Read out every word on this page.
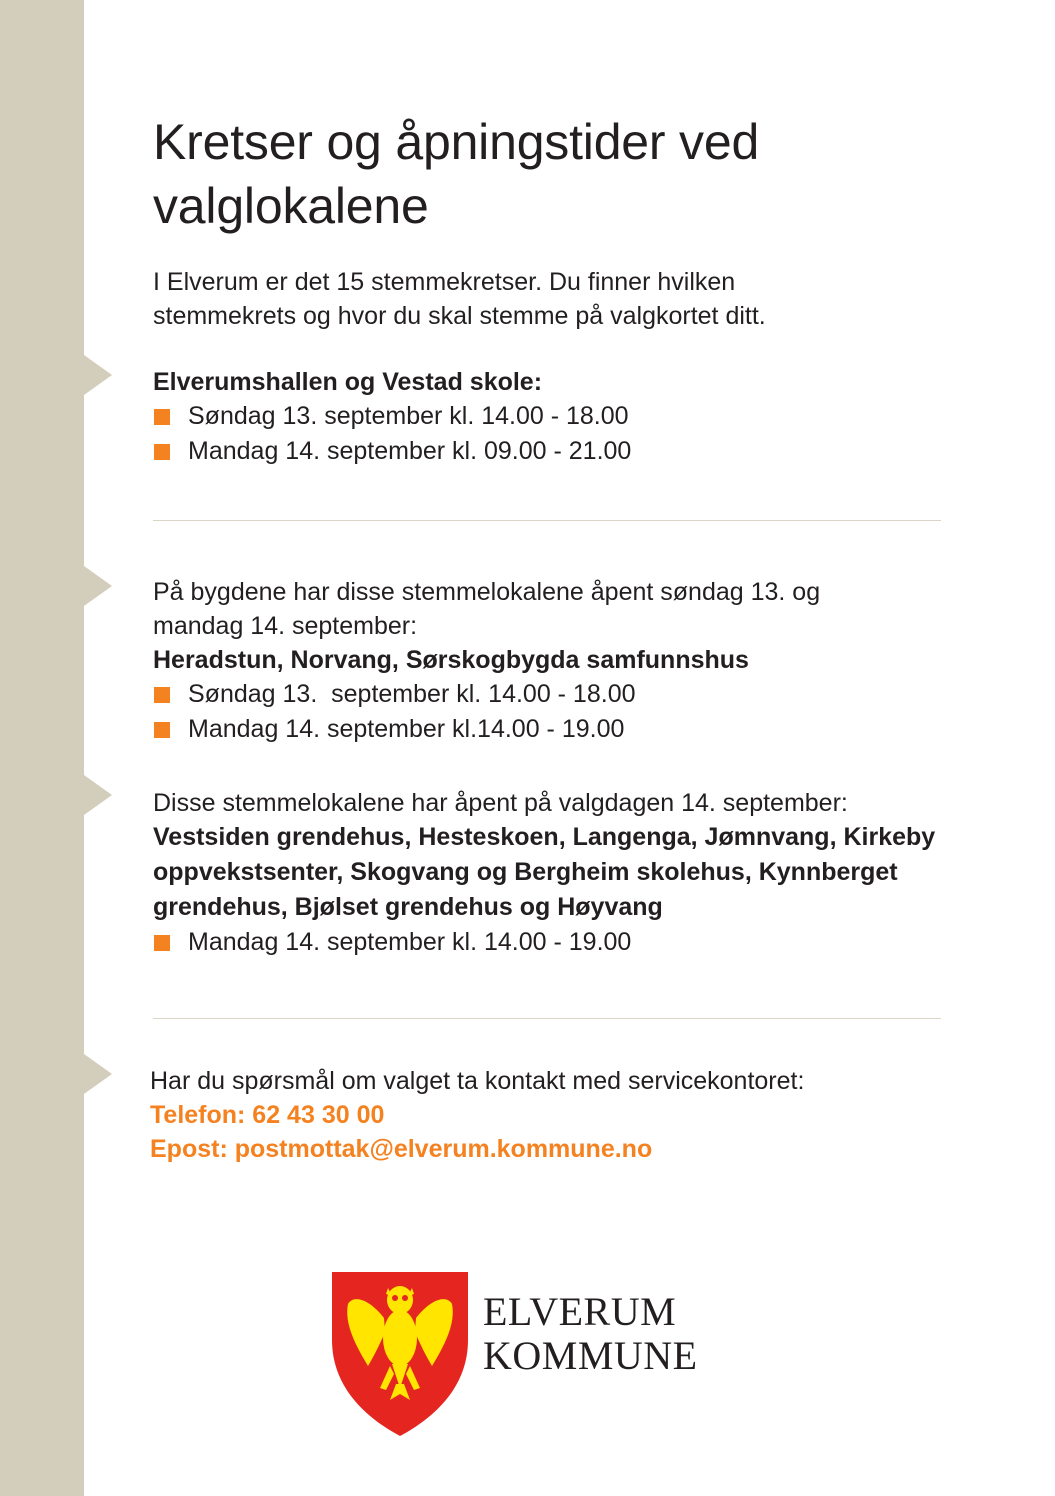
Kretser og åpningstider ved valglokalene

I Elverum er det 15 stemmekretser. Du finner hvilken stemmekrets og hvor du skal stemme på valgkortet ditt.

Elverumshallen og Vestad skole:

Søndag 13. september kl. 14.00 - 18.00
Mandag 14. september kl. 09.00 - 21.00

På bygdene har disse stemmelokalene åpent søndag 13. og mandag 14. september:

Heradstun, Norvang, Sørskogbygda samfunnshus

Søndag 13.  september kl. 14.00 - 18.00
Mandag 14. september kl.14.00 - 19.00

Disse stemmelokalene har åpent på valgdagen 14. september:

Vestsiden grendehus, Hesteskoen, Langenga, Jømnvang, Kirkeby oppvekstsenter, Skogvang og Bergheim skolehus, Kynnberget grendehus, Bjølset grendehus og Høyvang

Mandag 14. september kl. 14.00 - 19.00

Har du spørsmål om valget ta kontakt med servicekontoret:

Telefon: 62 43 30 00

Epost: postmottak@elverum.kommune.no

ELVERUM
KOMMUNE
